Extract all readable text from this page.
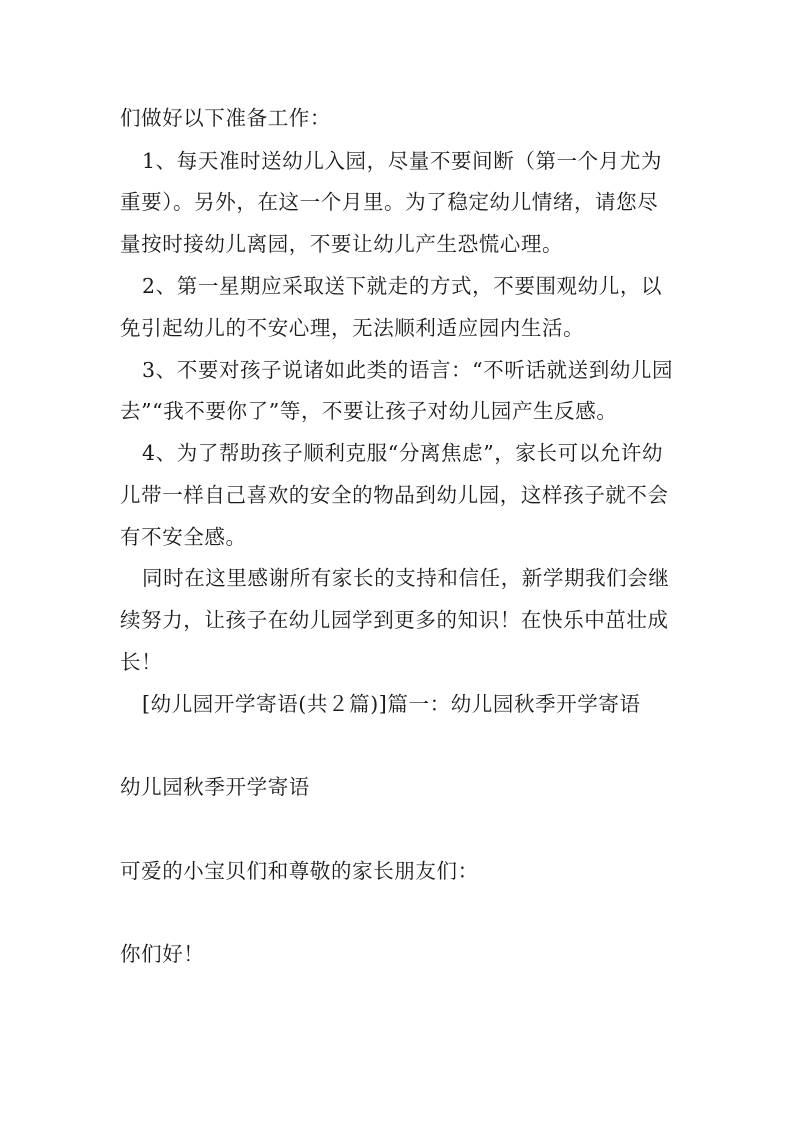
们做好以下准备工作：
1、每天准时送幼儿入园，尽量不要间断（第一个月尤为
重要）。另外，在这一个月里。为了稳定幼儿情绪，请您尽
量按时接幼儿离园，不要让幼儿产生恐慌心理。
2、第一星期应采取送下就走的方式，不要围观幼儿，以
免引起幼儿的不安心理，无法顺利适应园内生活。
3、不要对孩子说诸如此类的语言：“不听话就送到幼儿园
去”“我不要你了”等，不要让孩子对幼儿园产生反感。
4、为了帮助孩子顺利克服“分离焦虑”，家长可以允许幼
儿带一样自己喜欢的安全的物品到幼儿园，这样孩子就不会
有不安全感。
同时在这里感谢所有家长的支持和信任，新学期我们会继
续努力，让孩子在幼儿园学到更多的知识！在快乐中茁壮成
长！
[幼儿园开学寄语(共２篇)]篇一：幼儿园秋季开学寄语
幼儿园秋季开学寄语
可爱的小宝贝们和尊敬的家长朋友们：
你们好！
